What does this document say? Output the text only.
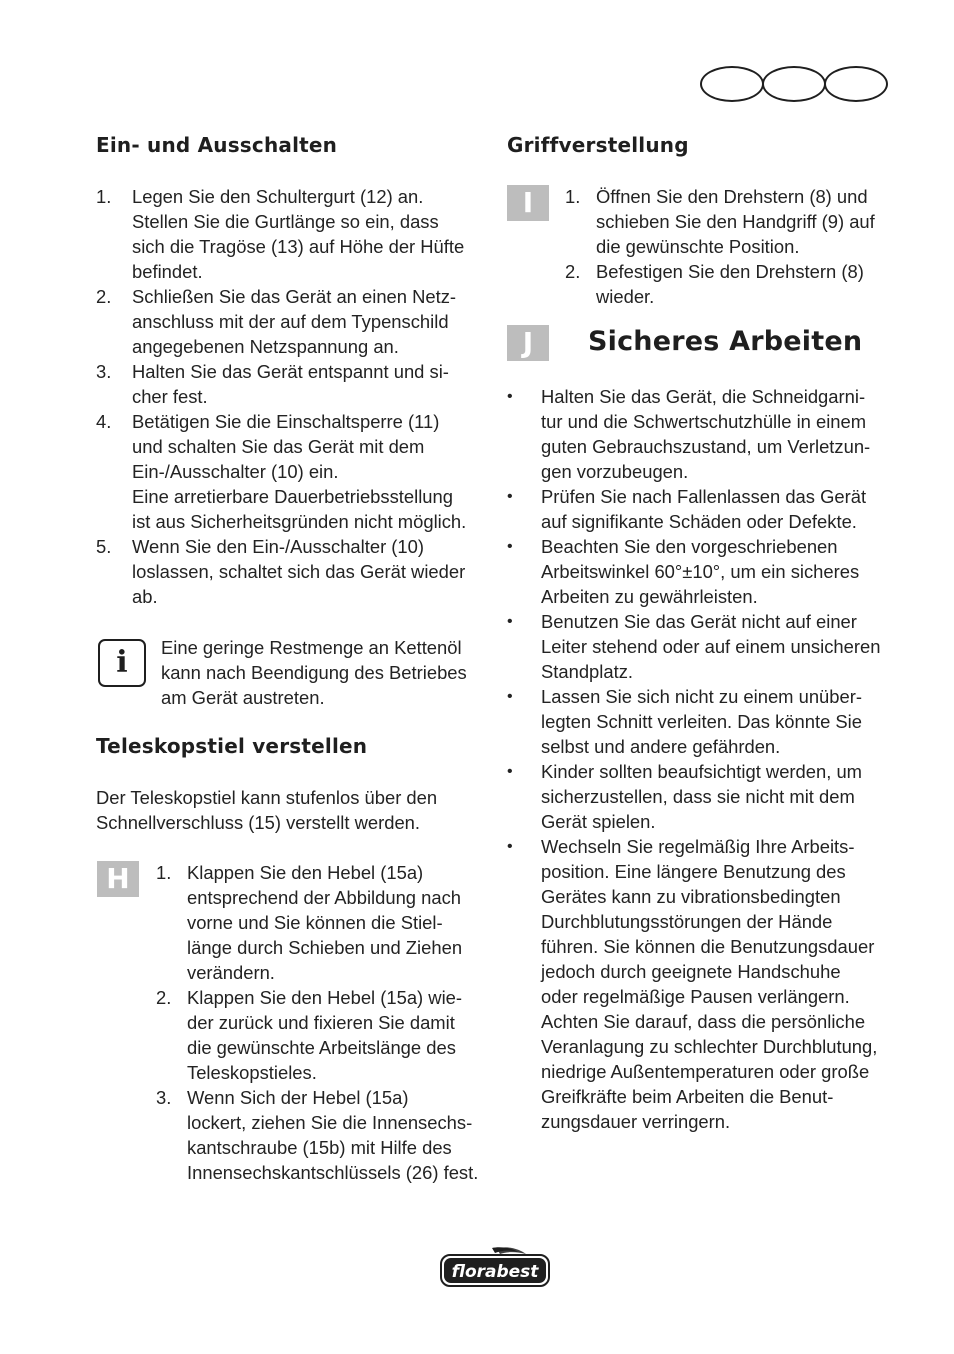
Ein- und Ausschalten
1. Legen Sie den Schultergurt (12) an.
Stellen Sie die Gurtlänge so ein, dass
sich die Tragöse (13) auf Höhe der Hüfte
befindet.
2. Schließen Sie das Gerät an einen Netz-
anschluss mit der auf dem Typenschild
angegebenen Netzspannung an.
3. Halten Sie das Gerät entspannt und si-
cher fest.
4. Betätigen Sie die Einschaltsperre (11)
und schalten Sie das Gerät mit dem
Ein-/Ausschalter (10) ein.
Eine arretierbare Dauerbetriebsstellung
ist aus Sicherheitsgründen nicht möglich.
5. Wenn Sie den Ein-/Ausschalter (10)
loslassen, schaltet sich das Gerät wieder
ab.
i	Eine geringe Restmenge an Kettenöl
kann nach Beendigung des Betriebes
am Gerät austreten.
Teleskopstiel verstellen
Der Teleskopstiel kann stufenlos über den
Schnellverschluss (15) verstellt werden.
H	1. Klappen Sie den Hebel (15a)
entsprechend der Abbildung nach
vorne und Sie können die Stiel-
länge durch Schieben und Ziehen
verändern.
2. Klappen Sie den Hebel (15a) wie-
der zurück und fixieren Sie damit
die gewünschte Arbeitslänge des
Teleskopstieles.
3. Wenn Sich der Hebel (15a)
lockert, ziehen Sie die Innensechs-
kantschraube (15b) mit Hilfe des
Innensechskantschlüssels (26) fest.
Griffverstellung
I	1. Öffnen Sie den Drehstern (8) und
schieben Sie den Handgriff (9) auf
die gewünschte Position.
2. Befestigen Sie den Drehstern (8)
wieder.
J	Sicheres Arbeiten
• Halten Sie das Gerät, die Schneidgarni-
tur und die Schwertschutzhülle in einem
guten Gebrauchszustand, um Verletzun-
gen vorzubeugen.
• Prüfen Sie nach Fallenlassen das Gerät
auf signifikante Schäden oder Defekte.
• Beachten Sie den vorgeschriebenen
Arbeitswinkel 60°±10°, um ein sicheres
Arbeiten zu gewährleisten.
• Benutzen Sie das Gerät nicht auf einer
Leiter stehend oder auf einem unsicheren
Standplatz.
• Lassen Sie sich nicht zu einem unüber-
legten Schnitt verleiten. Das könnte Sie
selbst und andere gefährden.
• Kinder sollten beaufsichtigt werden, um
sicherzustellen, dass sie nicht mit dem
Gerät spielen.
• Wechseln Sie regelmäßig Ihre Arbeits-
position. Eine längere Benutzung des
Gerätes kann zu vibrationsbedingten
Durchblutungsstörungen der Hände
führen. Sie können die Benutzungsdauer
jedoch durch geeignete Handschuhe
oder regelmäßige Pausen verlängern.
Achten Sie darauf, dass die persönliche
Veranlagung zu schlechter Durchblutung,
niedrige Außentemperaturen oder große
Greifkräfte beim Arbeiten die Benut-
zungsdauer verringern.
florabest
